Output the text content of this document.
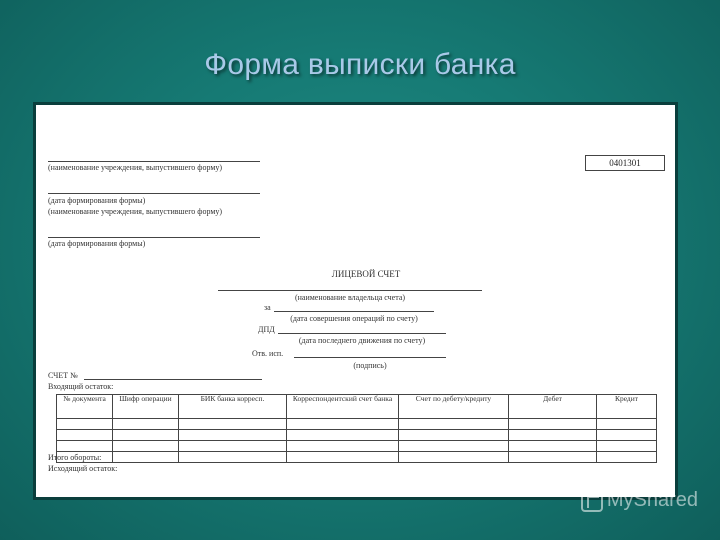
Форма выписки банка
(наименование учреждения, выпустившего форму)	0401301
(дата формирования формы)
(наименование учреждения, выпустившего форму)
(дата формирования формы)
ЛИЦЕВОЙ СЧЕТ
(наименование владельца счета)
за
(дата совершения операций по счету)
ДПД
(дата последнего движения по счету)
Отв. исп.
(подпись)
СЧЕТ №
Входящий остаток:
№ документа	Шифр операции	БИК банка корресп.	Корреспондентский счет банка	Счет по дебету/кредиту	Дебет	Кредит

Итого обороты:
Исходящий остаток:
MyShared
